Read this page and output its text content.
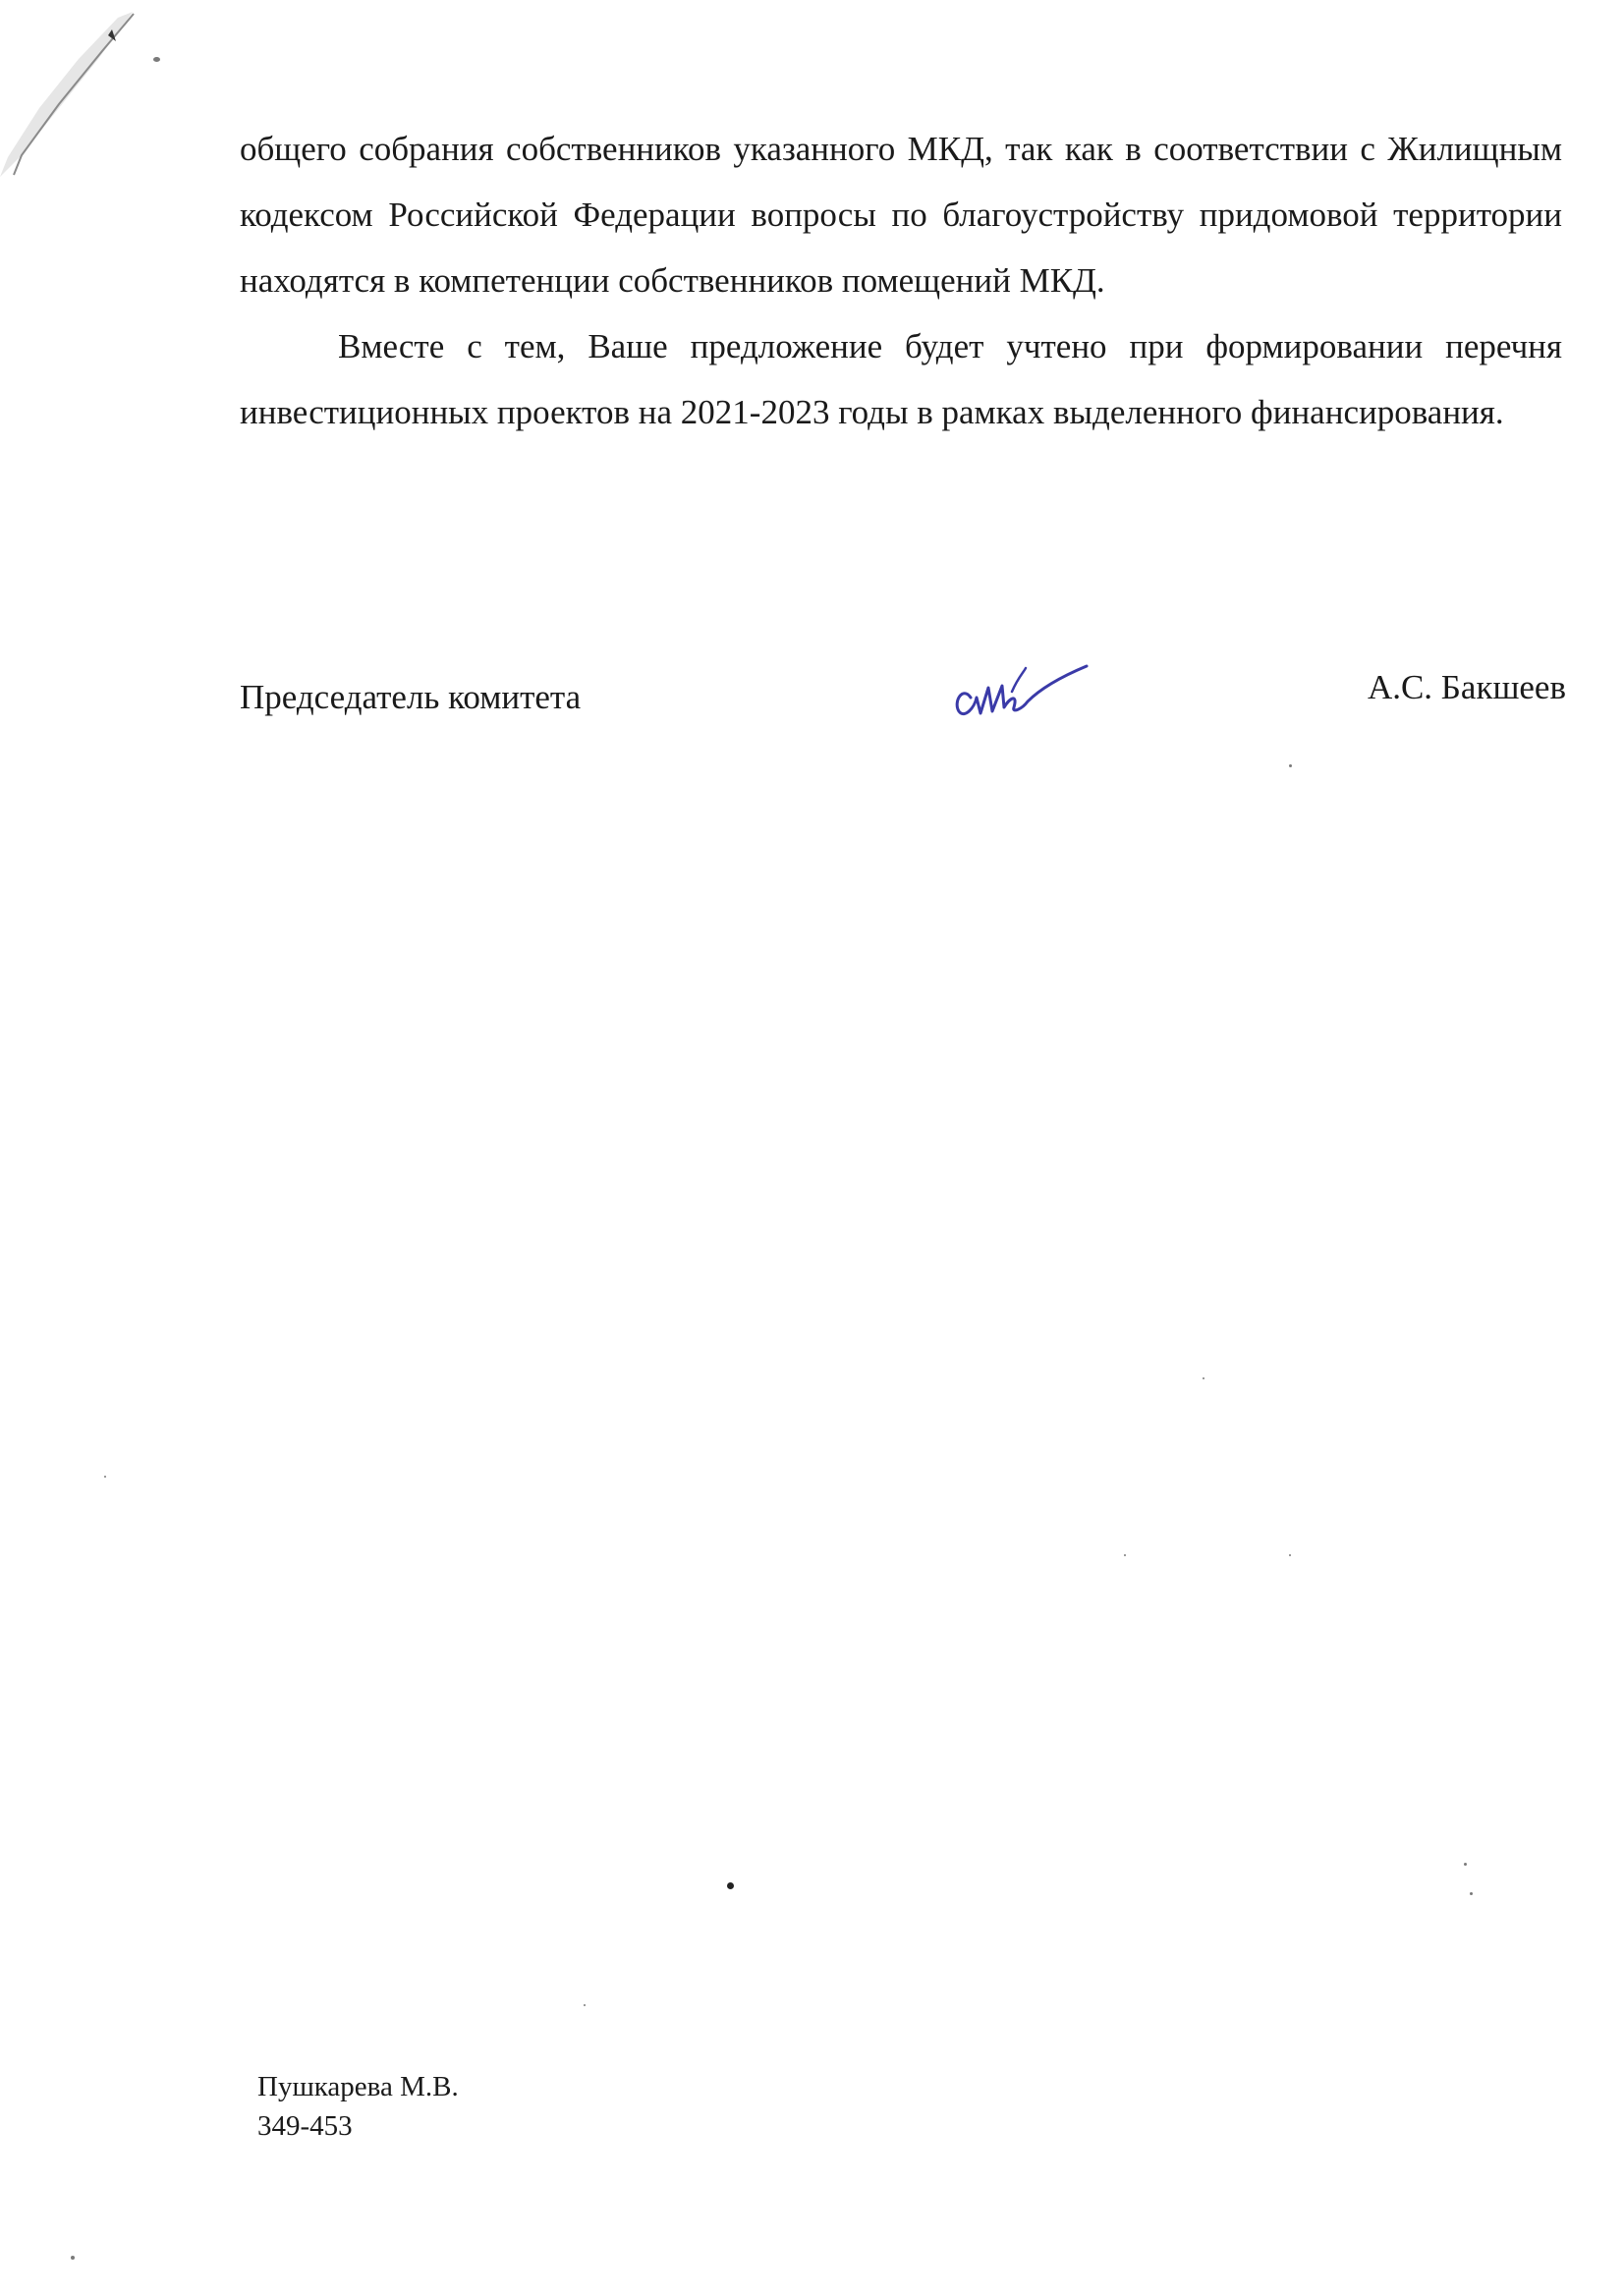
общего собрания собственников указанного МКД, так как в соответствии с Жилищным кодексом Российской Федерации вопросы по благоустройству придомовой территории находятся в компетенции собственников помещений МКД.

Вместе с тем, Ваше предложение будет учтено при формировании перечня инвестиционных проектов на 2021-2023 годы в рамках выделенного финансирования.

Председатель комитета	А.С. Бакшеев
Пушкарева М.В.
349-453
